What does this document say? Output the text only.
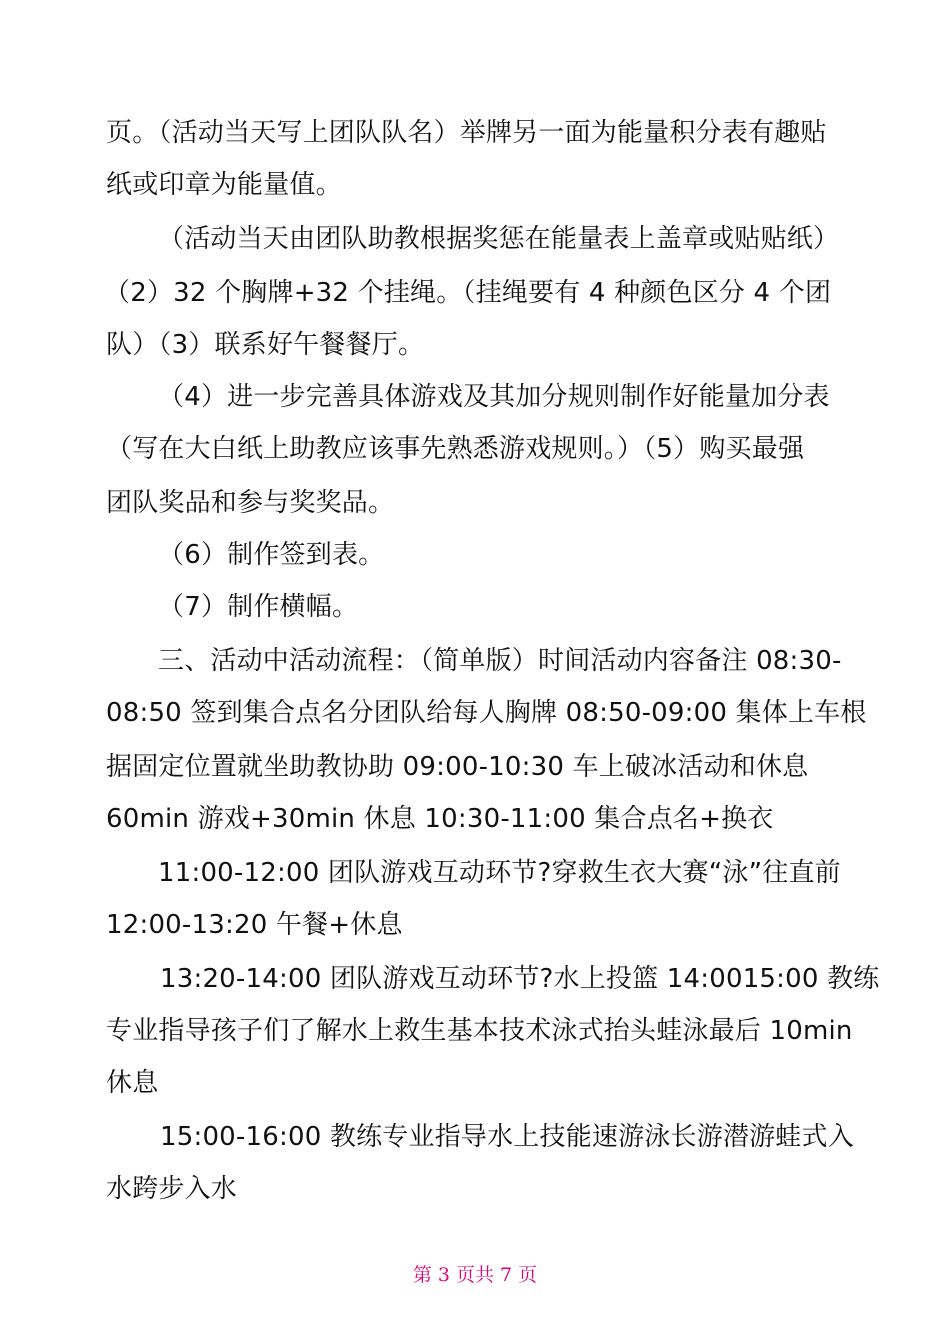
页。（活动当天写上团队队名）举牌另一面为能量积分表有趣贴
纸或印章为能量值。
（活动当天由团队助教根据奖惩在能量表上盖章或贴贴纸）
（2）32 个胸牌+32 个挂绳。（挂绳要有 4 种颜色区分 4 个团
队）（3）联系好午餐餐厅。
（4）进一步完善具体游戏及其加分规则制作好能量加分表
（写在大白纸上助教应该事先熟悉游戏规则。）（5）购买最强
团队奖品和参与奖奖品。
（6）制作签到表。
（7）制作横幅。
三、活动中活动流程：（简单版）时间活动内容备注 08:30-
08:50 签到集合点名分团队给每人胸牌 08:50-09:00 集体上车根
据固定位置就坐助教协助 09:00-10:30 车上破冰活动和休息
60min 游戏+30min 休息 10:30-11:00 集合点名+换衣
11:00-12:00 团队游戏互动环节?穿救生衣大赛“泳”往直前
12:00-13:20 午餐+休息
13:20-14:00 团队游戏互动环节?水上投篮 14:0015:00 教练
专业指导孩子们了解水上救生基本技术泳式抬头蛙泳最后 10min
休息
15:00-16:00 教练专业指导水上技能速游泳长游潜游蛙式入
水跨步入水
第 3 页共 7 页
